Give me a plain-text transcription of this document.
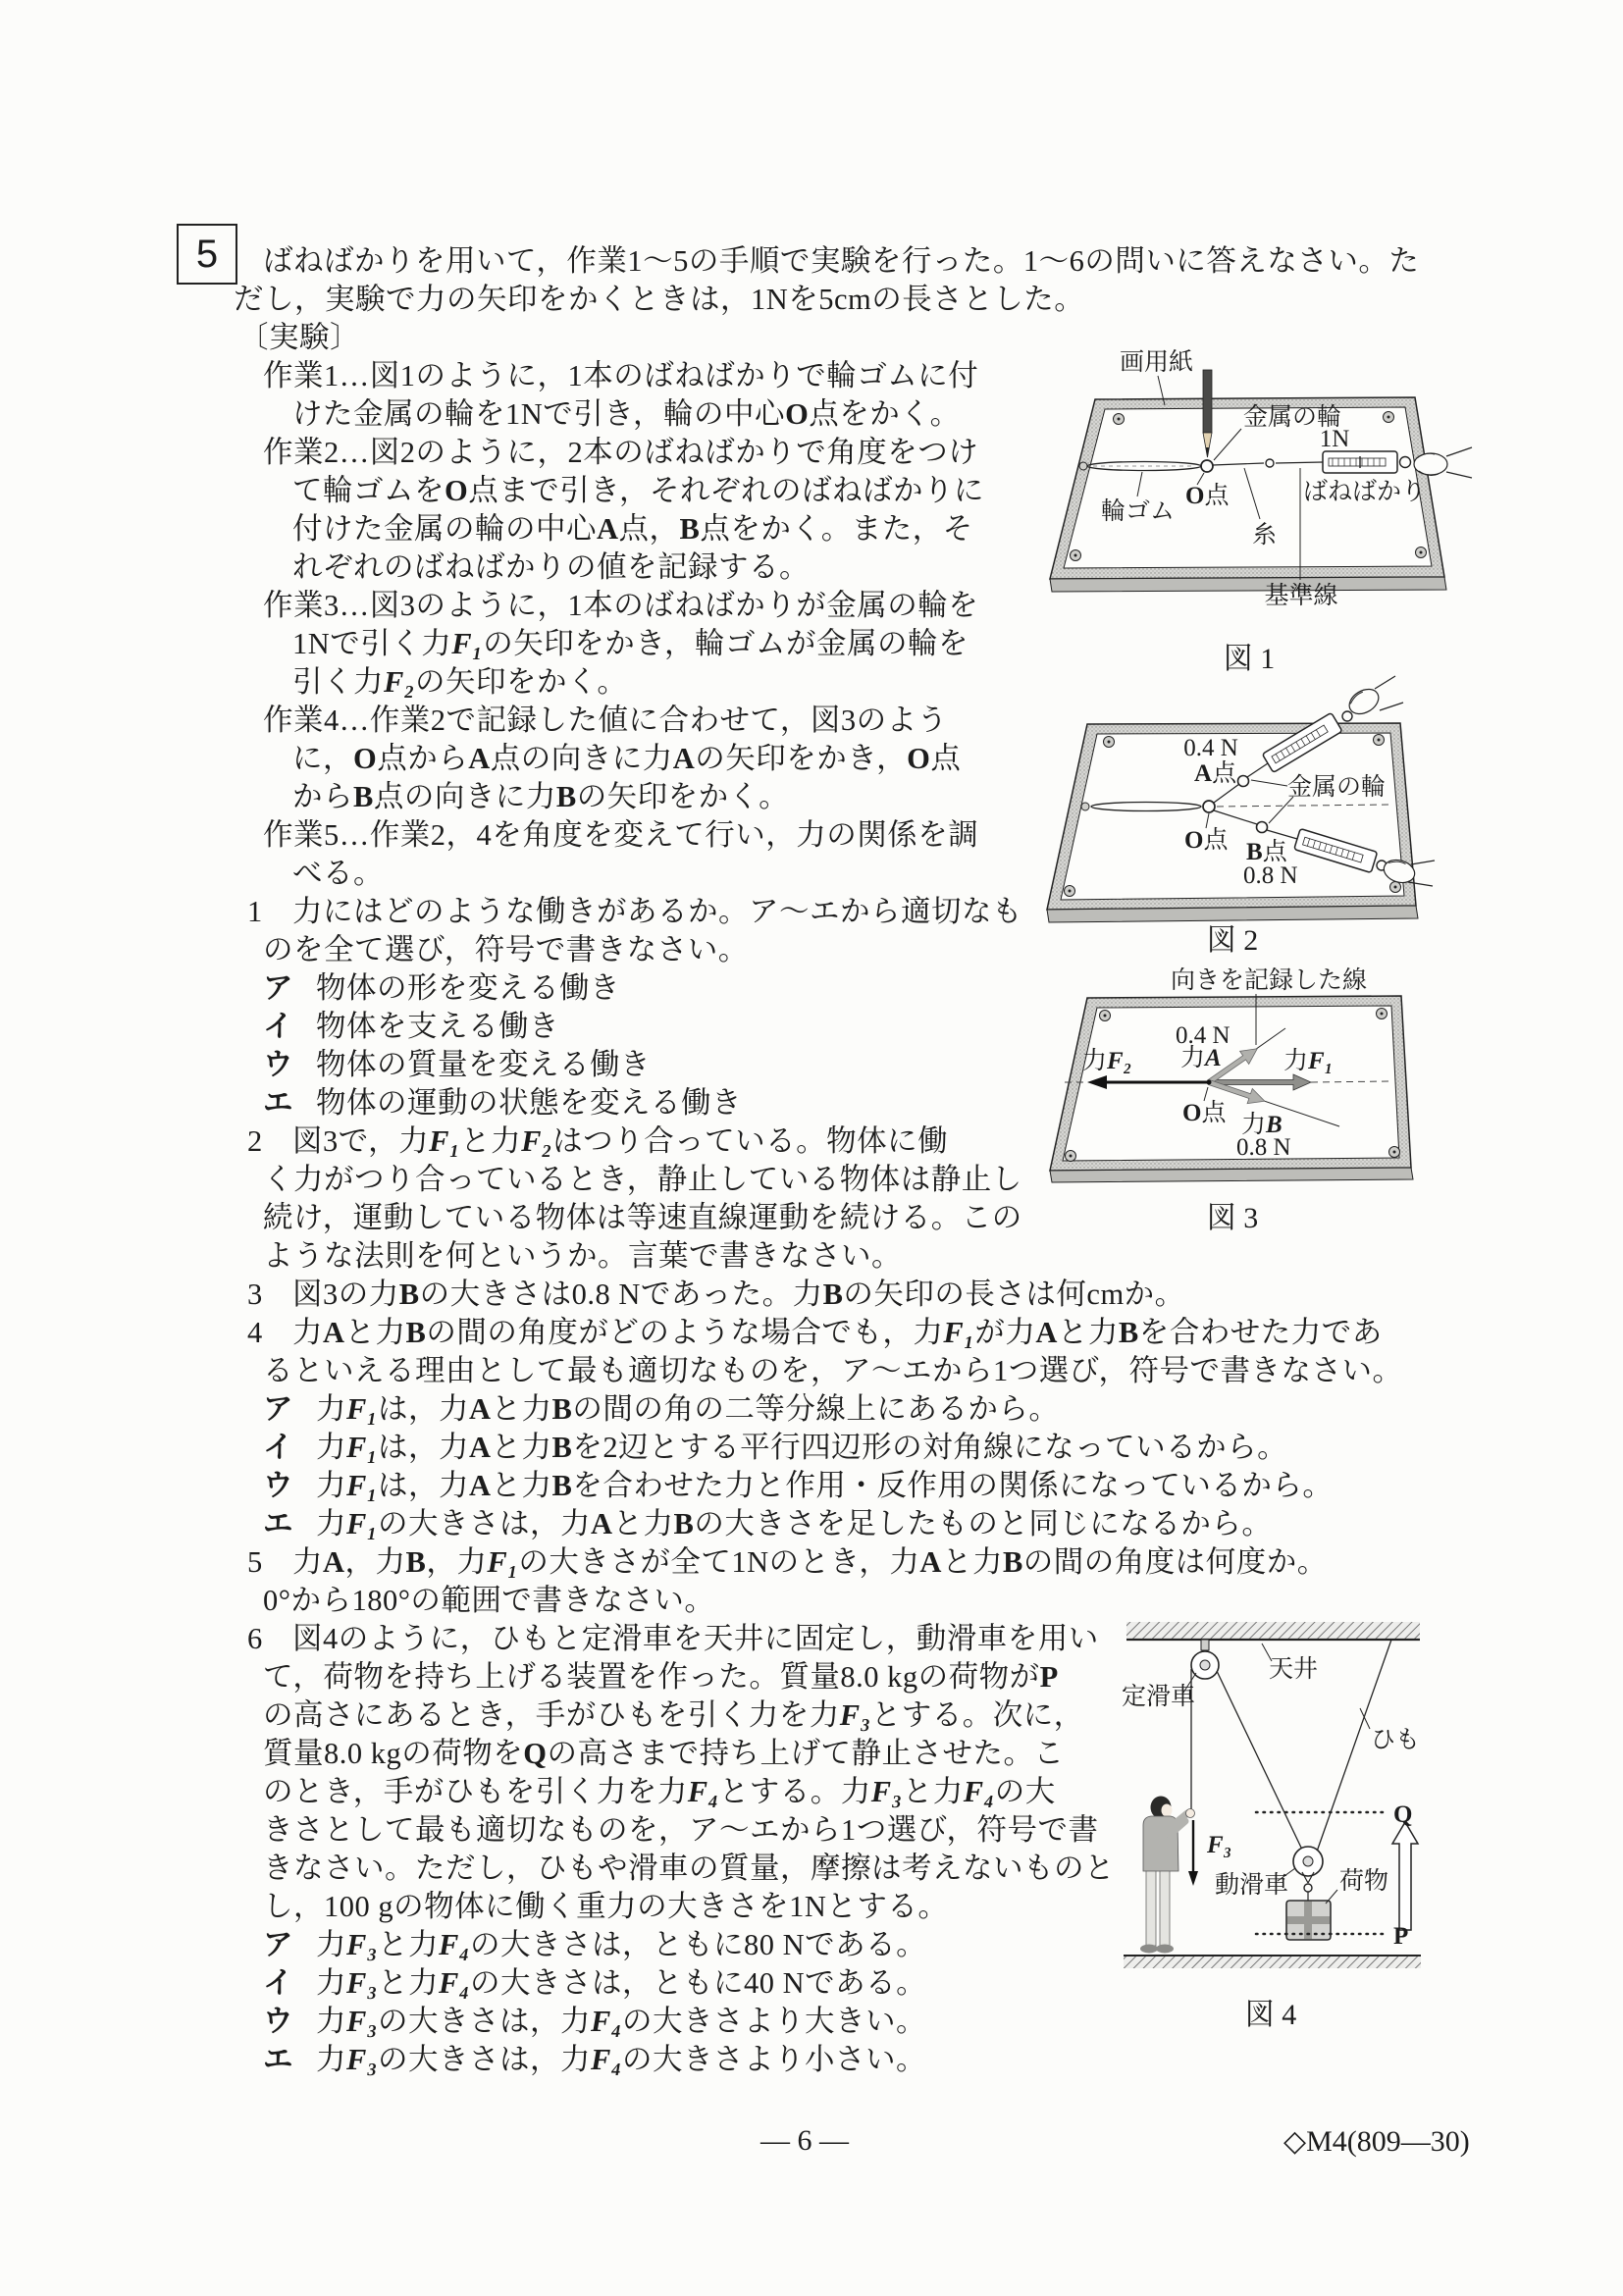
5	ばねばかりを用いて，作業1～5の手順で実験を行った。1～6の問いに答えなさい。た
だし，実験で力の矢印をかくときは，1Nを5cmの長さとした。
〔実験〕
作業1…図1のように，1本のばねばかりで輪ゴムに付
けた金属の輪を1Nで引き，輪の中心O点をかく。
作業2…図2のように，2本のばねばかりで角度をつけ
て輪ゴムをO点まで引き，それぞれのばねばかりに
付けた金属の輪の中心A点，B点をかく。また，そ
れぞれのばねばかりの値を記録する。
作業3…図3のように，1本のばねばかりが金属の輪を
1Nで引く力F₁の矢印をかき，輪ゴムが金属の輪を
引く力F₂の矢印をかく。
作業4…作業2で記録した値に合わせて，図3のよう
に，O点からA点の向きに力Aの矢印をかき，O点
からB点の向きに力Bの矢印をかく。
作業5…作業2，4を角度を変えて行い，力の関係を調
べる。
1 力にはどのような働きがあるか。ア～エから適切なも
のを全て選び，符号で書きなさい。
ア 物体の形を変える働き
イ 物体を支える働き
ウ 物体の質量を変える働き
エ 物体の運動の状態を変える働き
2 図3で，力F₁と力F₂はつり合っている。物体に働
く力がつり合っているとき，静止している物体は静止し
続け，運動している物体は等速直線運動を続ける。この
ような法則を何というか。言葉で書きなさい。
3 図3の力Bの大きさは0.8 Nであった。力Bの矢印の長さは何cmか。
4 力Aと力Bの間の角度がどのような場合でも，力F₁が力Aと力Bを合わせた力であ
るといえる理由として最も適切なものを，ア～エから1つ選び，符号で書きなさい。
ア 力F₁は，力Aと力Bの間の角の二等分線上にあるから。
イ 力F₁は，力Aと力Bを2辺とする平行四辺形の対角線になっているから。
ウ 力F₁は，力Aと力Bを合わせた力と作用・反作用の関係になっているから。
エ 力F₁の大きさは，力Aと力Bの大きさを足したものと同じになるから。
5 力A，力B，力F₁の大きさが全て1Nのとき，力Aと力Bの間の角度は何度か。
0°から180°の範囲で書きなさい。
6 図4のように，ひもと定滑車を天井に固定し，動滑車を用い
て，荷物を持ち上げる装置を作った。質量8.0 kgの荷物がP
の高さにあるとき，手がひもを引く力を力F₃とする。次に，
質量8.0 kgの荷物をQの高さまで持ち上げて静止させた。こ
のとき，手がひもを引く力を力F₄とする。力F₃と力F₄の大
きさとして最も適切なものを，ア～エから1つ選び，符号で書
きなさい。ただし，ひもや滑車の質量，摩擦は考えないものと
し，100 gの物体に働く重力の大きさを1Nとする。
ア 力F₃と力F₄の大きさは，ともに80 Nである。
イ 力F₃と力F₄の大きさは，ともに40 Nである。
ウ 力F₃の大きさは，力F₄の大きさより大きい。
エ 力F₃の大きさは，力F₄の大きさより小さい。
画用紙
金属の輪
1N
O点
輪ゴム
糸
ばねばかり
基準線
図 1
0.4 N
A点
金属の輪
O点 B点
0.8 N
図 2
向きを記録した線
力F₂
0.4 N
力A	力F₁
O点 力B
0.8 N
図 3
天井
定滑車
ひも
Q
F₃
動滑車 荷物
P
図 4
— 6 —	◇M4(809—30)
